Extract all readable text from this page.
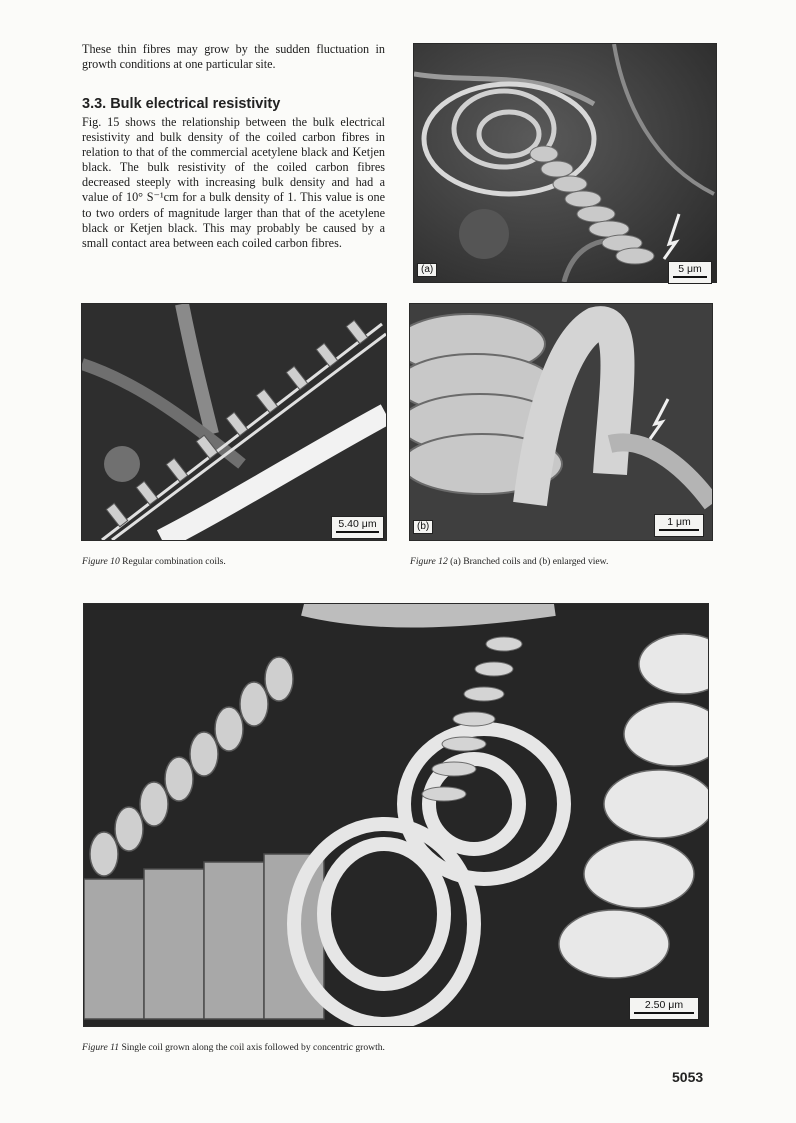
These thin fibres may grow by the sudden fluctuation in growth conditions at one particular site.

3.3. Bulk electrical resistivity

Fig. 15 shows the relationship between the bulk electrical resistivity and bulk density of the coiled carbon fibres in relation to that of the commercial acetylene black and Ketjen black. The bulk resistivity of the coiled carbon fibres decreased steeply with increasing bulk density and had a value of 10° S⁻¹cm for a bulk density of 1. This value is one to two orders of magnitude larger than that of the acetylene black or Ketjen black. This may probably be caused by a small contact area between each coiled carbon fibres.

(a)	5 μm
5.40 μm	(b)	1 μm

Figure 10 Regular combination coils.	Figure 12 (a) Branched coils and (b) enlarged view.

2.50 μm

Figure 11 Single coil grown along the coil axis followed by concentric growth.

5053
